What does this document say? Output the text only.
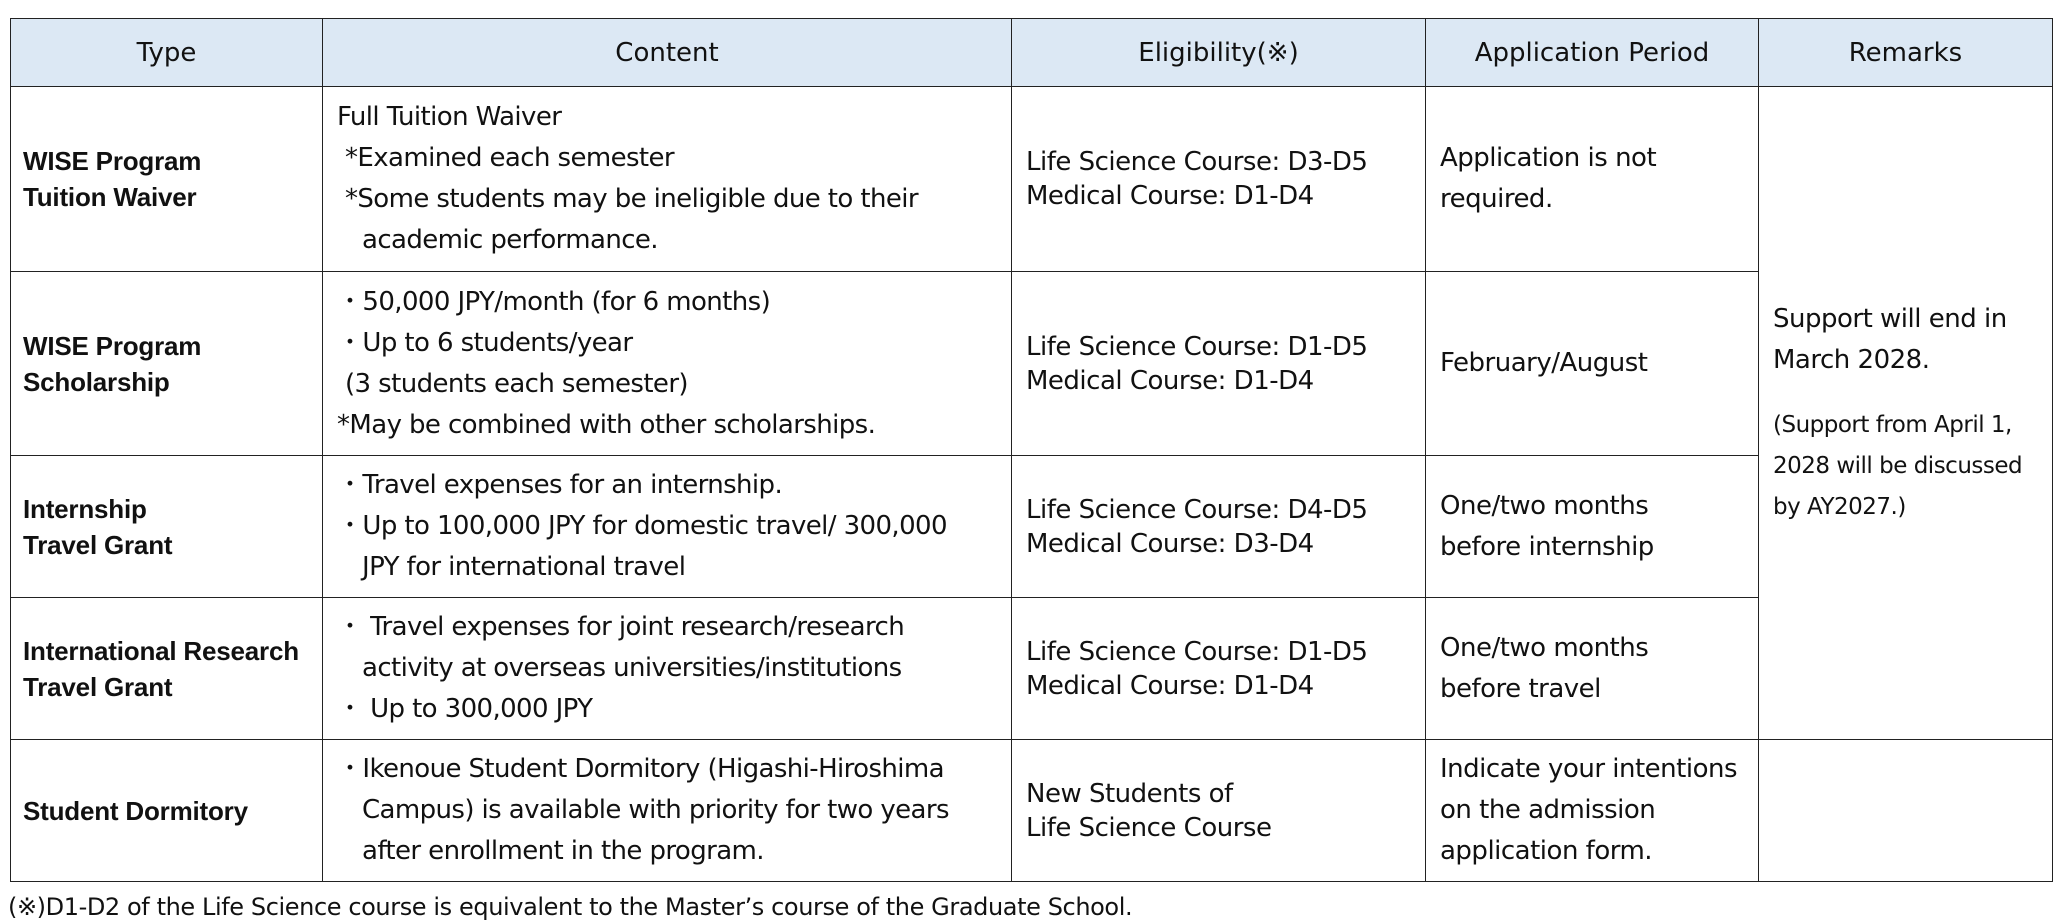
Type	Content	Eligibility(※)	Application Period	Remarks

WISE Program
Tuition Waiver	Full Tuition Waiver
*Examined each semester
*Some students may be ineligible due to their
academic performance.	Life Science Course: D3-D5
Medical Course: D1-D4	Application is not
required.	Support will end in
March 2028.
(Support from April 1,
2028 will be discussed
by AY2027.)

WISE Program
Scholarship	・50,000 JPY/month (for 6 months)
・Up to 6 students/year
(3 students each semester)
*May be combined with other scholarships.	Life Science Course: D1-D5
Medical Course: D1-D4	February/August	

Internship
Travel Grant	・Travel expenses for an internship.
・Up to 100,000 JPY for domestic travel/ 300,000
JPY for international travel	Life Science Course: D4-D5
Medical Course: D3-D4	One/two months
before internship	

International Research
Travel Grant	・ Travel expenses for joint research/research
activity at overseas universities/institutions
・ Up to 300,000 JPY	Life Science Course: D1-D5
Medical Course: D1-D4	One/two months
before travel	

Student Dormitory	・Ikenoue Student Dormitory (Higashi-Hiroshima
Campus) is available with priority for two years
after enrollment in the program.	New Students of
Life Science Course	Indicate your intentions
on the admission
application form.	

(※)D1-D2 of the Life Science course is equivalent to the Master’s course of the Graduate School.
